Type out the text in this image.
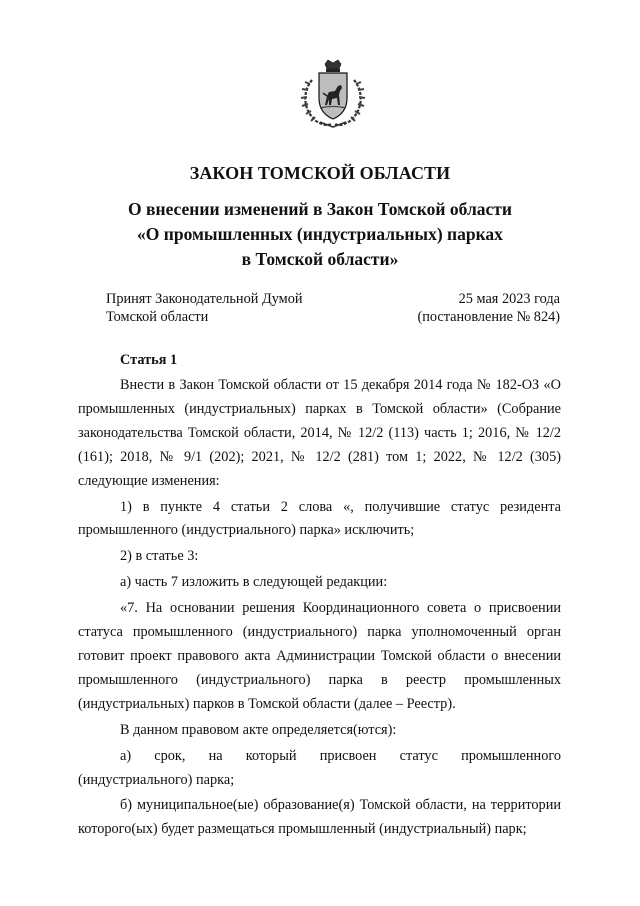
ЗАКОН ТОМСКОЙ ОБЛАСТИ
О внесении изменений в Закон Томской области
«О промышленных (индустриальных) парках
в Томской области»
Принят Законодательной Думой
Томской области
25 мая 2023 года
(постановление № 824)
Статья 1

Внести в Закон Томской области от 15 декабря 2014 года № 182-ОЗ «О промышленных (индустриальных) парках в Томской области» (Собрание законодательства Томской области, 2014, № 12/2 (113) часть 1; 2016, № 12/2 (161); 2018, № 9/1 (202); 2021, № 12/2 (281) том 1; 2022, № 12/2 (305) следующие изменения:

1) в пункте 4 статьи 2 слова «, получившие статус резидента промышленного (индустриального) парка» исключить;

2) в статье 3:

а) часть 7 изложить в следующей редакции:

«7. На основании решения Координационного совета о присвоении статуса промышленного (индустриального) парка уполномоченный орган готовит проект правового акта Администрации Томской области о внесении промышленного (индустриального) парка в реестр промышленных (индустриальных) парков в Томской области (далее – Реестр).

В данном правовом акте определяется(ются):

а) срок, на который присвоен статус промышленного (индустриального) парка;

б) муниципальное(ые) образование(я) Томской области, на территории которого(ых) будет размещаться промышленный (индустриальный) парк;
